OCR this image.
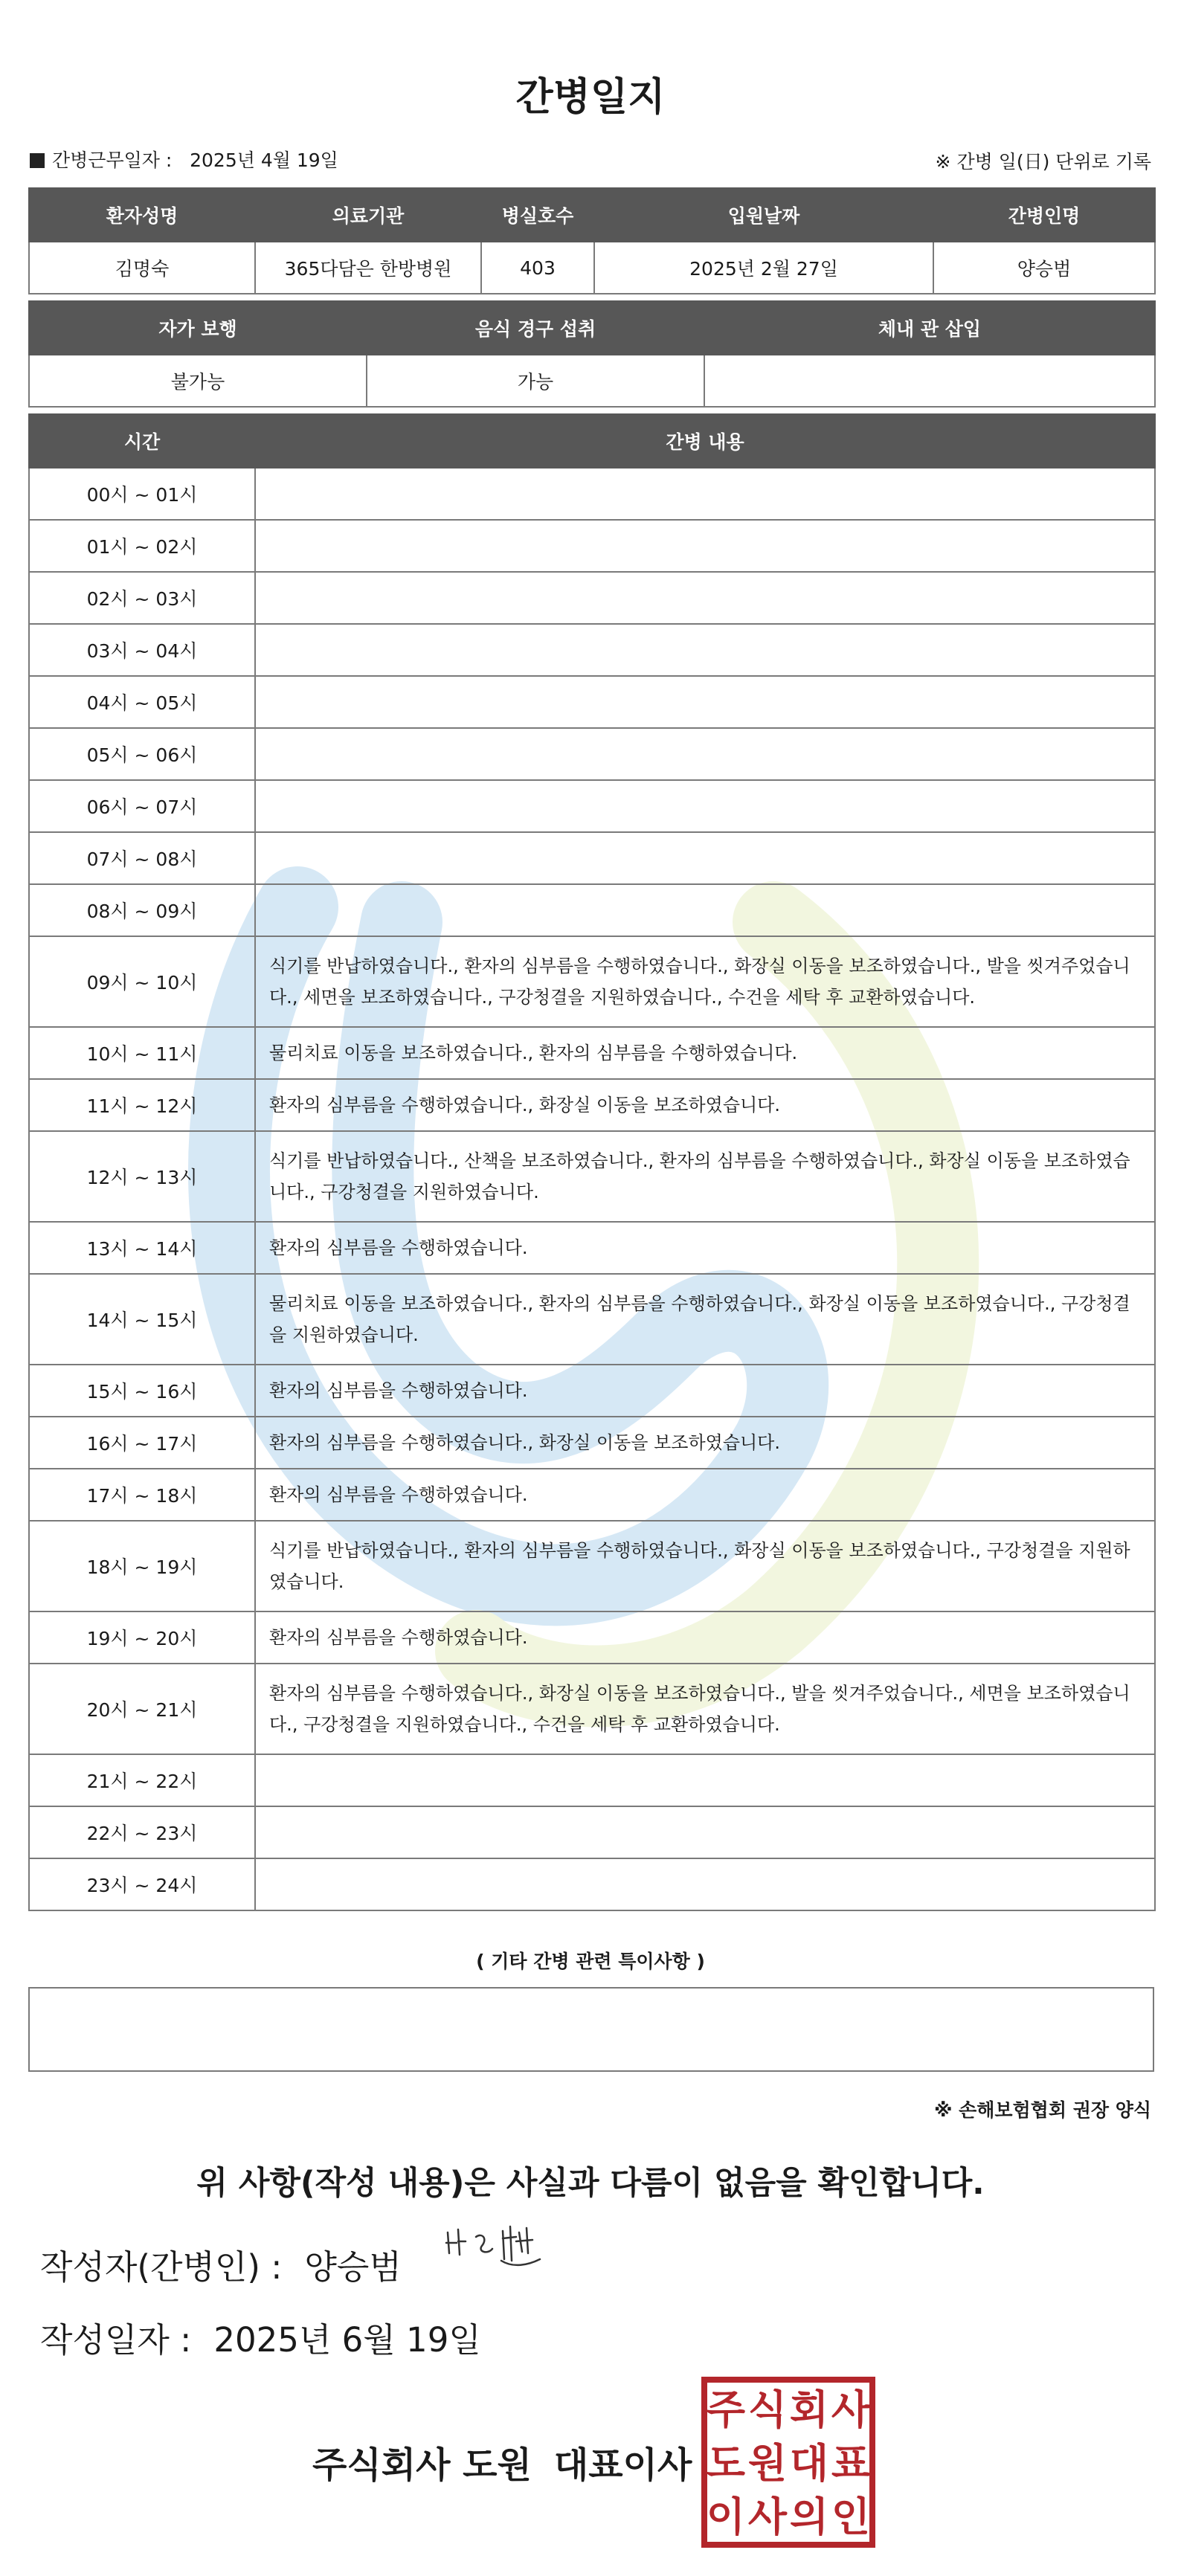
간병일지
간병근무일자 : 2025년 4월 19일	※ 간병 일(日) 단위로 기록
환자성명	의료기관	병실호수	입원날짜	간병인명
김명숙	365다담은 한방병원	403	2025년 2월 27일	양승범
자가 보행	음식 경구 섭취	체내 관 삽입
불가능	가능	
시간	간병 내용
00시 ~ 01시	
01시 ~ 02시	
02시 ~ 03시	
03시 ~ 04시	
04시 ~ 05시	
05시 ~ 06시	
06시 ~ 07시	
07시 ~ 08시	
08시 ~ 09시	
09시 ~ 10시	식기를 반납하였습니다., 환자의 심부름을 수행하였습니다., 화장실 이동을 보조하였습니다., 발을 씻겨주었습니다., 세면을 보조하였습니다., 구강청결을 지원하였습니다., 수건을 세탁 후 교환하였습니다.
10시 ~ 11시	물리치료 이동을 보조하였습니다., 환자의 심부름을 수행하였습니다.
11시 ~ 12시	환자의 심부름을 수행하였습니다., 화장실 이동을 보조하였습니다.
12시 ~ 13시	식기를 반납하였습니다., 산책을 보조하였습니다., 환자의 심부름을 수행하였습니다., 화장실 이동을 보조하였습니다., 구강청결을 지원하였습니다.
13시 ~ 14시	환자의 심부름을 수행하였습니다.
14시 ~ 15시	물리치료 이동을 보조하였습니다., 환자의 심부름을 수행하였습니다., 화장실 이동을 보조하였습니다., 구강청결을 지원하였습니다.
15시 ~ 16시	환자의 심부름을 수행하였습니다.
16시 ~ 17시	환자의 심부름을 수행하였습니다., 화장실 이동을 보조하였습니다.
17시 ~ 18시	환자의 심부름을 수행하였습니다.
18시 ~ 19시	식기를 반납하였습니다., 환자의 심부름을 수행하였습니다., 화장실 이동을 보조하였습니다., 구강청결을 지원하였습니다.
19시 ~ 20시	환자의 심부름을 수행하였습니다.
20시 ~ 21시	환자의 심부름을 수행하였습니다., 화장실 이동을 보조하였습니다., 발을 씻겨주었습니다., 세면을 보조하였습니다., 구강청결을 지원하였습니다., 수건을 세탁 후 교환하였습니다.
21시 ~ 22시	
22시 ~ 23시	
23시 ~ 24시	
( 기타 간병 관련 특이사항 )
※ 손해보험협회 권장 양식
위 사항(작성 내용)은 사실과 다름이 없음을 확인합니다.
작성자(간병인) : 양승범
작성일자 : 2025년 6월 19일
주식회사 도원 대표이사
주 식 회 사
도 원 대 표
이 사 의 인
